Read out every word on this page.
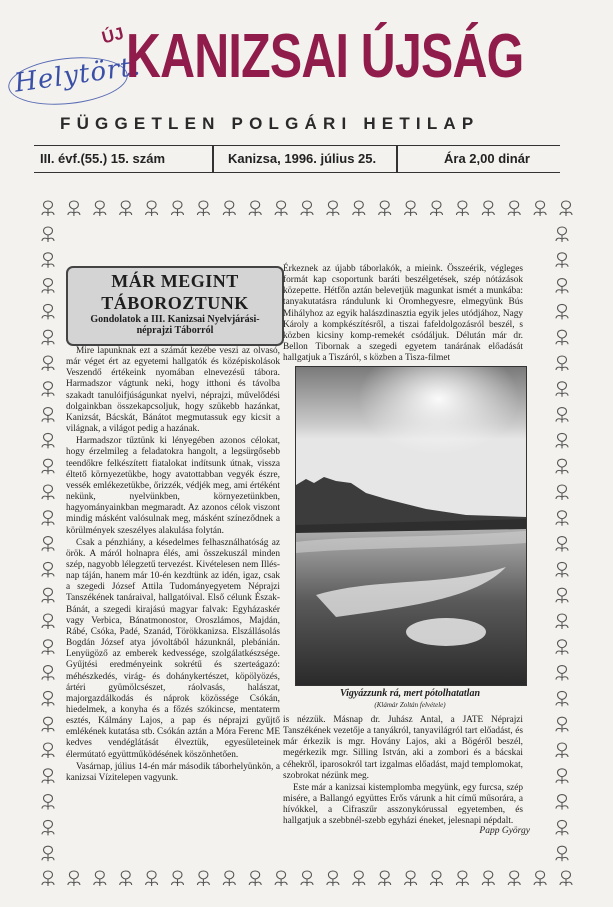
Helytört.
ÚJ KANIZSAI ÚJSÁG
FÜGGETLEN POLGÁRI HETILAP
III. évf.(55.) 15. szám	Kanizsa, 1996. július 25.	Ára 2,00 dinár
MÁR MEGINT TÁBOROZTUNK
Gondolatok a III. Kanizsai Nyelvjárási-néprajzi Táborról

Mire lapunknak ezt a számát kezébe veszi az olvasó, már véget ért az egyetemi hallgatók és középiskolások Veszendő értékeink nyomában elnevezésű tábora. Harmadszor vágtunk neki, hogy itthoni és távolba szakadt tanulóifjúságunkat nyelvi, néprajzi, művelődési dolgainkban összekapcsoljuk, hogy szükebb hazánkat, Kanizsát, Bácskát, Bánátot megmutassuk egy kicsit a világnak, a világot pedig a hazának.

Harmadszor tűztünk ki lényegében azonos célokat, hogy érzelmileg a feladatokra hangolt, a legsürgősebb teendőkre felkészített fiatalokat indítsunk útnak, vissza éltető környezetükbe, hogy avatottabban vegyék észre, vessék emlékezetükbe, őrizzék, védjék meg, ami értéként nekünk, nyelvünkben, környezetünkben, hagyományainkban megmaradt. Az azonos célok viszont mindig másként valósulnak meg, másként színeződnek a körülmények szeszélyes alakulása folytán.

Csak a pénzhiány, a késedelmes felhasználhatóság az örök. A máról holnapra élés, ami összekuszál minden szép, nagyobb lélegzetű tervezést. Kivételesen nem Illés-nap táján, hanem már 10-én kezdtünk az idén, igaz, csak a szegedi József Attila Tudományegyetem Néprajzi Tanszékének tanáraival, hallgatóival. Első célunk Észak-Bánát, a szegedi kirajású magyar falvak: Egyházaskér vagy Verbica, Bánatmonostor, Oroszlámos, Majdán, Rábé, Csóka, Padé, Szanád, Törökkanizsa. Elszállásolás Bogdán József atya jóvoltából házunknál, plebánián. Lenyügöző az emberek kedvessége, szolgálatkészsége. Gyűjtési eredményeink sokrétű és szerteágazó: méhészkedés, virág- és dohánykertészet, köpölyözés, ártéri gyümölcsészet, ráolvasás, halászat, majorgazdálkodás és náprok közössége Csókán, hiedelmek, a konyha és a főzés szókincse, mentaterm esztés, Kálmány Lajos, a pap és néprajzi gyűjtő emlékének kutatása stb. Csókán aztán a Móra Ferenc ME kedves vendéglátását élveztük, egyesületeinek élermútató együttműködésének köszönhetően.

Vasárnap, július 14-én már második táborhelyünkön, a kanizsai Vízitelepen vagyunk.

Érkeznek az újabb táborlakók, a mieink. Összeérik, végleges formát kap csoportunk baráti beszélgetések, szép nótázások közepette. Hétfőn aztán belevetjük magunkat ismét a munkába: tanyakutatásra rándulunk ki Oromhegyesre, elmegyünk Bús Mihályhoz az egyik halászdinasztia egyik jeles utódjához, Nagy Károly a kompkészítésről, a tiszai fafeldolgozásról beszél, s közben kicsiny komp-remekét csódáljuk. Délután már dr. Bellon Tibornak a szegedi egyetem tanárának előadását hallgatjuk a Tiszáról, s közben a Tisza-filmet

Vigyázzunk rá, mert pótolhatatlan
(Klámár Zoltán felvétele)

is nézzük. Másnap dr. Juhász Antal, a JATE Néprajzi Tanszékének vezetője a tanyákról, tanyavilágról tart előadást, és már érkezik is mgr. Hovány Lajos, aki a Bögéről beszél, megérkezik mgr. Silling István, aki a zombori és a bácskai céhekről, iparosokról tart izgalmas előadást, majd templomokat, szobrokat nézünk meg.

Este már a kanizsai kistemplomba megyünk, egy furcsa, szép misére, a Ballangó együttes Erős várunk a hit című műsorára, a hívókkel, a Cifraszűr asszonykórussal egyetemben, és hallgatjuk a szebbnél-szebb egyházi éneket, jelesnapi népdalt.

Papp György
